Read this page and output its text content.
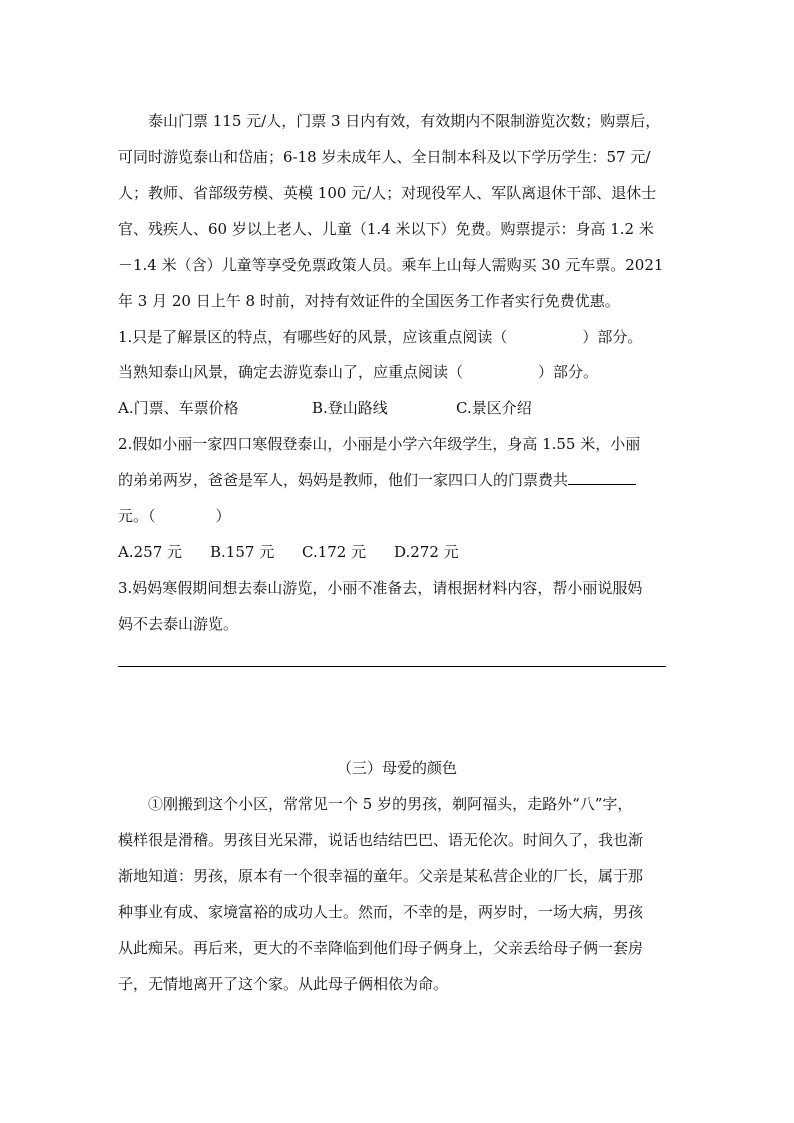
泰山门票 115 元/人，门票 3 日内有效，有效期内不限制游览次数；购票后，
可同时游览泰山和岱庙；6-18 岁未成年人、全日制本科及以下学历学生：57 元/
人；教师、省部级劳模、英模 100 元/人；对现役军人、军队离退休干部、退休士
官、残疾人、60 岁以上老人、儿童（1.4 米以下）免费。购票提示：身高 1.2 米
－1.4 米（含）儿童等享受免票政策人员。乘车上山每人需购买 30 元车票。2021
年 3 月 20 日上午 8 时前，对持有效证件的全国医务工作者实行免费优惠。
1.只是了解景区的特点，有哪些好的风景，应该重点阅读（　　　　　）部分。
当熟知泰山风景，确定去游览泰山了，应重点阅读（　　　　　）部分。
A.门票、车票价格	B.登山路线	C.景区介绍
2.假如小丽一家四口寒假登泰山，小丽是小学六年级学生，身高 1.55 米，小丽
的弟弟两岁，爸爸是军人，妈妈是教师，他们一家四口人的门票费共
元。（　　　　）
A.257 元 B.157 元 C.172 元 D.272 元
3.妈妈寒假期间想去泰山游览，小丽不准备去，请根据材料内容，帮小丽说服妈
妈不去泰山游览。
（三）母爱的颜色
①刚搬到这个小区，常常见一个 5 岁的男孩，剃阿福头，走路外“八”字，
模样很是滑稽。男孩目光呆滞，说话也结结巴巴、语无伦次。时间久了，我也渐
渐地知道：男孩，原本有一个很幸福的童年。父亲是某私营企业的厂长，属于那
种事业有成、家境富裕的成功人士。然而，不幸的是，两岁时，一场大病，男孩
从此痴呆。再后来，更大的不幸降临到他们母子俩身上，父亲丢给母子俩一套房
子，无情地离开了这个家。从此母子俩相依为命。
